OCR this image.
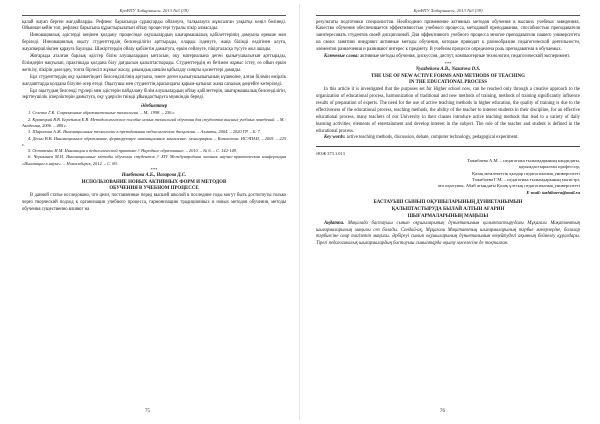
ҚазҰПУ Хабаршысы, 2013 №3 (39)

қалай жауап берген жағдайларды. Рефлекс барысында сұрақтарды ойлануға, талқылауға жұмсалған уақытқа көңіл бөлінеді. Ойыннан кейін топ, рефлекс барысына құрастырылатын ойлау процестері туралы пікір алмасады.

Инновациялық әдістерді кеңінен қолдану процесінде оқушылардың шығармашылық қабілеттерінің дамуына ерекше мән беріледі. Инновациялық оқыту студенттердің белсенділігін арттырады, оларды ізденуге, жаңа білімді өздігінен алуға, жауапкершілікпен қарауға баулиды. Шәкірттердің ойлау қабілетін дамытуға, еркін сөйлеуге, пікірталасқа түсуге жол ашады.

Жоғарыда аталған барлық әдістер білім алушылардың ынтасын, оқу материалына деген қызығушылығын арттырады, білімдерін нақтылап, практикада қолдана білу дағдысын қалыптастырады. Студенттердің өз бетімен жұмыс істеу, өз ойын еркін жеткізу, пікірін дәлелдеу, топта бірлесіп жұмыс жасау, ұжымдық шешім қабылдау сияқты қасиеттері дамиды.

Бұл студенттердің оқу қызметіндегі белсенділігінің артуына, пәнге деген қызығушылығының күшеюіне, алған білімін өмірлік жағдаяттарда қолдана білуіне әсер етеді. Оқытушы мен студенттің арасындағы қарым-қатынас жаңа сапалық деңгейге көтеріледі.

Бұл оқытудың белсенді түрлері мен әдістерін пайдалану білім алушылардың ойлау қабілеттерін, шығармашылық белсенділігін, зерттеушілік іскерліктерін дамытуға, оқу үдерісін тиімді ұйымдастыруға мүмкіндік береді.

Әдебиеттер

1. Селевко Г.К. Современные образовательные технологии. – М., 1998. – 256 с.

2. Кравецкий В.В. Березиков Е.В. Методологическое пособие новых технологий обучения для студентов высших учебных заведений. – М.: Академия, 2006. – 480 с.

3. Шарипова А.Ж. Инновационные технологии в преподавании педагогических дисциплин. – Алматы, 2004. – 2020 ГР. – Б. 7.

4. Десни В.В. Инновационное образование, формирующее инновационное мышление: монография. – Казахстан: ИСЭПАИ, – 2005. – 225 с.

5. Остапенко И.М. Инновации в педагогической практике // Народное образование. – 2010. – № 6. – С. 142-148.

6. Чернышев М.И. Инновационные методы обучения студентов // XIV Международная заочная научно-практическая конференция «Инновации в науке». – Новосибирск, 2012. – С. 80.

***
Ниябекова А.Б., Назарова Д.С.
ИСПОЛЬЗОВАНИЕ НОВЫХ АКТИВНЫХ ФОРМ И МЕТОДОВ
ОБУЧЕНИЯ В УЧЕБНОМ ПРОЦЕССЕ

В данной статье исследовано, что цели, поставленные перед высшей школой в последние годы могут быть достигнуты только через творческий подход к организации учебного процесса, гармонизацию традиционных и новых методов обучения, методы обучения существенно влияют на

75
ҚазҰПУ Хабаршысы, 2013 №3 (39)

результаты подготовки специалистов. Необходимо применение активных методов обучения в высших учебных заведениях. Качество обучения обеспечивается эффективностью учебного процесса, методикой преподавания, способностью преподавателя заинтересовать студентов своей дисциплиной. Для эффективного учебного процесса многие преподаватели нашего университета на своих занятиях внедряют активные методы обучения, которые приводят к разнообразию педагогической деятельности, элементов развлечения и развивают интерес к предмету. В учебном процессе определена роль преподавателя в обучаемых.

Ключевые слова: активные методы обучения, дискуссия, диспут, компьютерные технологии, педагогический эксперимент.

***
Nyazbekova A.B., Nazarova D.S.
THE USE OF NEW ACTIVE FORMS AND METHODS OF TEACHING
IN THE EDUCATIONAL PROCESS

In this article it is investigated that the purposes set for Higher school now, can be reached only through a creative approach to the organization of educational process, harmonization of traditional and new methods of training, methods of training significantly influence results of preparation of experts. The need for the use of active teaching methods in higher education, the quality of training is due to the effectiveness of the educational process, teaching methods, the ability of the teacher to interest students in their discipline, for an effective educational process, many teachers of our University in their classes introduce active teaching methods that lead to a variety of daily learning activities, elements of entertainment and develop interest in the subject. The role of the teacher and student is defined in the educational process.

Key words: active teaching methods, discussion, debate, computer technology, pedagogical experiment.

ӘОЖ 373.1.013
Тажибаева А.М. – педагогика ғылымдарының кандидаты,
қауымдастырылған профессор,
Қазақ мемлекеттік қыздар педагогикалық университеті
Тажибаева Г.М. – педагогика ғылымдарының магистрі,
аға оқытушы, Абай атындағы Қазақ ұлттық педагогикалық университеті
E-mail: tazhibaeva@mail.ru
БАСТАУЫШ СЫНЫП ОҚУШЫЛАРЫНЫҢ ДҮНИЕТАНЫМЫН
ҚАЛЫПТАСТЫРУДА БЫЛАЙ АЛТЫН АҒАРИН
ШЫҒАРМАЛАРЫНЫҢ МАҢЫЗЫ

Аңдатпа. Мақалада бастауыш сынып оқушыларының дүниетанымын қалыптастырудағы Мұқағали Мақатаевтың шығармаларының маңызы сөз болады. Сондай-ақ, Мұқағали Мақатаевтың шығармаларының тәрбие мәнерлеріне, балалар тәрбиесіне олар тигізетін маңызы. Әрбіреуі сынып оқушыларының дүниетанымын кеңейтудегі ақынның бейнелеу құралдары. Тірегі педагогикалық шығармалардың бастауыш сыныптарда оқыту мәселесіне де тоқталған.

76
